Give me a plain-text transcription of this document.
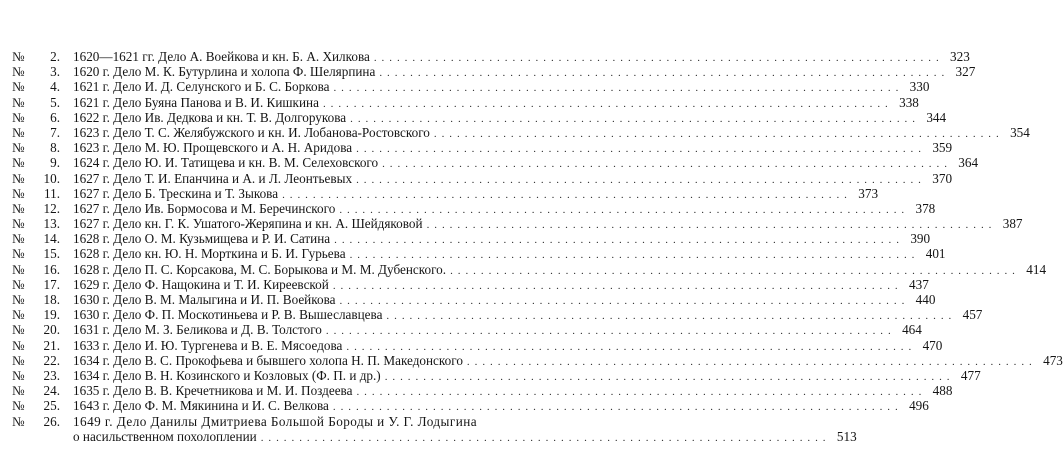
№ 2. 1620—1621 гг. Дело А. Воейкова и кн. Б. А. Хилкова . . .	323
№ 3. 1620 г. Дело М. К. Бутурлина и холопа Ф. Шелярпина . . .	327
№ 4. 1621 г. Дело И. Д. Селунского и Б. С. Боркова . . .	330
№ 5. 1621 г. Дело Буяна Панова и В. И. Кишкина . . .	338
№ 6. 1622 г. Дело Ив. Дедкова и кн. Т. В. Долгорукова . . .	344
№ 7. 1623 г. Дело Т. С. Желябужского и кн. И. Лобанова-Ростовского . . .	354
№ 8. 1623 г. Дело М. Ю. Прощевского и А. Н. Аридова . . .	359
№ 9. 1624 г. Дело Ю. И. Татищева и кн. В. М. Селеховского . . .	364
№ 10. 1627 г. Дело Т. И. Епанчина и А. и Л. Леонтьевых . . .	370
№ 11. 1627 г. Дело Б. Трескина и Т. Зыкова . . .	373
№ 12. 1627 г. Дело Ив. Бормосова и М. Беречинского . . .	378
№ 13. 1627 г. Дело кн. Г. К. Ушатого-Жеряпина и кн. А. Шейдяковой . . .	387
№ 14. 1628 г. Дело О. М. Кузьмищева и Р. И. Сатина . . .	390
№ 15. 1628 г. Дело кн. Ю. Н. Морткина и Б. И. Гурьева . . .	401
№ 16. 1628 г. Дело П. С. Корсакова, М. С. Борыкова и М. М. Дубенского. . . .	414
№ 17. 1629 г. Дело Ф. Нащокина и Т. И. Киреевской . . .	437
№ 18. 1630 г. Дело В. М. Малыгина и И. П. Воейкова . . .	440
№ 19. 1630 г. Дело Ф. П. Москотиньева и Р. В. Вышеславцева . . .	457
№ 20. 1631 г. Дело М. З. Беликова и Д. В. Толстого . . .	464
№ 21. 1633 г. Дело И. Ю. Тургенева и В. Е. Мясоедова . . .	470
№ 22. 1634 г. Дело В. С. Прокофьева и бывшего холопа Н. П. Македонского . . .	473
№ 23. 1634 г. Дело В. Н. Козинского и Козловых (Ф. П. и др.) . . .	477
№ 24. 1635 г. Дело В. В. Кречетникова и М. И. Поздеева . . .	488
№ 25. 1643 г. Дело Ф. М. Мякинина и И. С. Велкова . . .	496
№ 26. 1649 г. Дело Данилы Дмитриева Большой Бороды и У. Г. Лодыгина
о насильственном похолоплении . . .	513
